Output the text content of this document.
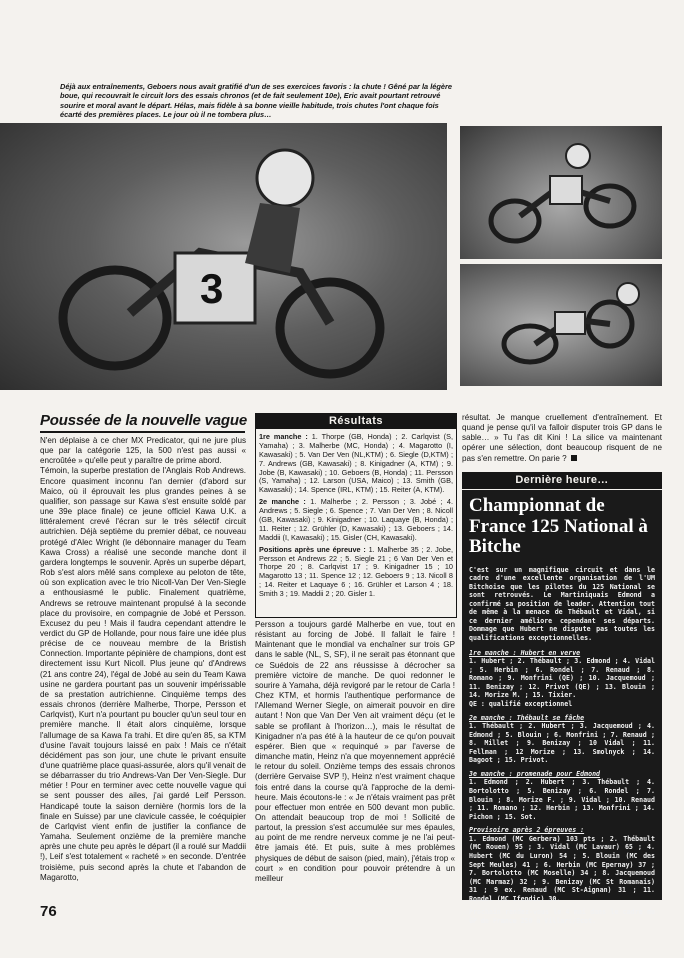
Déjà aux entraînements, Geboers nous avait gratifié d'un de ses exercices favoris : la chute ! Gêné par la légère boue, qui recouvrait le circuit lors des essais chronos (et de fait seulement 10e), Eric avait pourtant retrouvé sourire et moral avant le départ. Hélas, mais fidèle à sa bonne vieille habitude, trois chutes l'ont chaque fois écarté des premières places. Le jour où il ne tombera plus…
3
Poussée de la nouvelle vague

N'en déplaise à ce cher MX Predicator, qui ne jure plus que par la catégorie 125, la 500 n'est pas aussi « encroûtée » qu'elle peut y paraître de prime abord.

Témoin, la superbe prestation de l'Anglais Rob Andrews. Encore quasiment inconnu l'an dernier (d'abord sur Maico, où il éprouvait les plus grandes peines à se qualifier, son passage sur Kawa s'est ensuite soldé par une 39e place finale) ce jeune officiel Kawa U.K. a littéralement crevé l'écran sur le très sélectif circuit autrichien. Déjà septième du premier débat, ce nouveau protégé d'Alec Wright (le débonnaire manager du Team Kawa Cross) a réalisé une seconde manche dont il gardera longtemps le souvenir. Après un superbe départ, Rob s'est alors mêlé sans complexe au peloton de tête, où son explication avec le trio Nicoll-Van Der Ven-Siegle a enthousiasmé le public. Finalement quatrième, Andrews se retrouve maintenant propulsé à la seconde place du provisoire, en compagnie de Jobé et Persson. Excusez du peu ! Mais il faudra cependant attendre le verdict du GP de Hollande, pour nous faire une idée plus précise de ce nouveau membre de la Bristish Connection. Importante pépinière de champions, dont est directement issu Kurt Nicoll. Plus jeune qu' d'Andrews (21 ans contre 24), l'égal de Jobé au sein du Team Kawa usine ne gardera pourtant pas un souvenir impérissable de sa prestation autrichienne. Cinquième temps des essais chronos (derrière Malherbe, Thorpe, Persson et Carlqvist), Kurt n'a pourtant pu boucler qu'un seul tour en première manche. Il était alors cinquième, lorsque l'allumage de sa Kawa l'a trahi. Et dire qu'en 85, sa KTM d'usine l'avait toujours laissé en paix ! Mais ce n'était décidément pas son jour, une chute le privant ensuite d'une quatrième place quasi-assurée, alors qu'il venait de se débarrasser du trio Andrews-Van Der Ven-Siegle. Dur métier ! Pour en terminer avec cette nouvelle vague qui se sent pousser des ailes, j'ai gardé Leif Persson. Handicapé toute la saison dernière (hormis lors de la finale en Suisse) par une clavicule cassée, le coéquipier de Carlqvist vient enfin de justifier la confiance de Yamaha. Seulement onzième de la première manche après une chute peu après le départ (il a roulé sur Maddii !), Leif s'est totalement « racheté » en seconde. D'entrée troisième, puis second après la chute et l'abandon de Magarotto,

Résultats

1re manche : 1. Thorpe (GB, Honda) ; 2. Carlqvist (S, Yamaha) ; 3. Malherbe (MC, Honda) ; 4. Magarotto (I, Kawasaki) ; 5. Van Der Ven (NL,KTM) ; 6. Siegle (D,KTM) ; 7. Andrews (GB, Kawasaki) ; 8. Kinigadner (A, KTM) ; 9. Jobe (B, Kawasaki) ; 10. Geboers (B, Honda) ; 11. Persson (S, Yamaha) ; 12. Larson (USA, Maico) ; 13. Smith (GB, Kawasaki) ; 14. Spence (IRL, KTM) ; 15. Reiter (A, KTM).

2e manche : 1. Malherbe ; 2. Persson ; 3. Jobé ; 4. Andrews ; 5. Siegle ; 6. Spence ; 7. Van Der Ven ; 8. Nicoll (GB, Kawasaki) ; 9. Kinigadner ; 10. Laquaye (B, Honda) ; 11. Reiter ; 12. Grühler (D, Kawasaki) ; 13. Geboers ; 14. Maddii (I, Kawasaki) ; 15. Gisler (CH, Kawasaki).

Positions après une épreuve : 1. Malherbe 35 ; 2. Jobe, Persson et Andrews 22 ; 5. Siegle 21 ; 6 Van Der Ven et Thorpe 20 ; 8. Carlqvist 17 ; 9. Kinigadner 15 ; 10 Magarotto 13 ; 11. Spence 12 ; 12. Geboers 9 ; 13. Nicoll 8 ; 14. Reiter et Laquaye 6 ; 16. Grühler et Larson 4 ; 18. Smith 3 ; 19. Maddii 2 ; 20. Gisler 1.

Persson a toujours gardé Malherbe en vue, tout en résistant au forcing de Jobé. Il fallait le faire ! Maintenant que le mondial va enchaîner sur trois GP dans le sable (NL, S, SF), il ne serait pas étonnant que ce Suédois de 22 ans réussisse à décrocher sa première victoire de manche. De quoi redonner le sourire à Yamaha, déjà revigoré par le retour de Carla ! Chez KTM, et hormis l'authentique performance de l'Allemand Werner Siegle, on aimerait pouvoir en dire autant ! Non que Van Der Ven ait vraiment déçu (et le sable se profilant à l'horizon…), mais le résultat de Kinigadner n'a pas été à la hauteur de ce qu'on pouvait espérer. Bien que « requinqué » par l'averse de dimanche matin, Heinz n'a que moyennement apprécié le retour du soleil. Onzième temps des essais chronos (derrière Gervaise SVP !), Heinz n'est vraiment chaque fois entré dans la course qu'à l'approche de la demi-heure. Mais écoutons-le : « Je n'étais vraiment pas prêt pour effectuer mon entrée en 500 devant mon public. On attendait beaucoup trop de moi ! Sollicité de partout, la pression s'est accumulée sur mes épaules, au point de me rendre nerveux comme je ne l'ai peut-être jamais été. Et puis, suite à mes problèmes physiques de début de saison (pied, main), j'étais trop « court » en condition pour pouvoir prétendre à un meilleur

résultat. Je manque cruellement d'entraînement. Et quand je pense qu'il va falloir disputer trois GP dans le sable… » Tu l'as dit Kini ! La silice va maintenant opérer une sélection, dont beaucoup risquent de ne pas s'en remettre. On parie ?

Dernière heure…
Championnat de France 125 National à Bitche

C'est sur un magnifique circuit et dans le cadre d'une excellente organisation de l'UM Bitchoise que les pilotes du 125 National se sont retrouvés. Le Martiniquais Edmond a confirmé sa position de leader. Attention tout de même à la menace de Thébault et Vidal, si ce dernier améliore cependant ses départs. Dommage que Hubert ne dispute pas toutes les qualifications exceptionnelles.

1re manche : Hubert en verve
1. Hubert ; 2. Thébault ; 3. Edmond ; 4. Vidal ; 5. Herbin ; 6. Rondel ; 7. Renaud ; 8. Romano ; 9. Monfrini (QE) ; 10. Jacquemoud ; 11. Benizay ; 12. Privot (QE) ; 13. Blouin ; 14. Morize M. ; 15. Tixier.
QE : qualifié exceptionnel

2e manche : Thébault se fâche
1. Thébault ; 2. Hubert ; 3. Jacquemoud ; 4. Edmond ; 5. Blouin ; 6. Monfrini ; 7. Renaud ; 8. Millet ; 9. Benizay ; 10 Vidal ; 11. Fellman ; 12 Morize ; 13. Smolnyck ; 14. Bagoot ; 15. Privot.

3e manche : promenade pour Edmond
1. Edmond ; 2. Hubert ; 3. Thébault ; 4. Bortolotto ; 5. Benizay ; 6. Rondel ; 7. Blouin ; 8. Morize F. ; 9. Vidal ; 10. Renaud ; 11. Romano ; 12. Herbin ; 13. Monfrini ; 14. Pichon ; 15. Sot.

Provisoire après 2 épreuves :
1. Edmond (MC Gerbera) 103 pts ; 2. Thébault (MC Rouen) 95 ; 3. Vidal (MC Lavaur) 65 ; 4. Hubert (MC du Luron) 54 ; 5. Blouin (MC des Sept Meules) 41 ; 6. Herbin (MC Epernay) 37 ; 7. Bortolotto (MC Moselle) 34 ; 8. Jacquemoud (MC Marmaz) 32 ; 9. Benizay (MC St Romanais) 31 ; 9 ex. Renaud (MC St-Aignan) 31 ; 11. Rondel (MC Ifendic) 30.

Prochain rendez-vous le 4 mai dans le cadre du GP de France 250 à Villars/Ecot.

76
